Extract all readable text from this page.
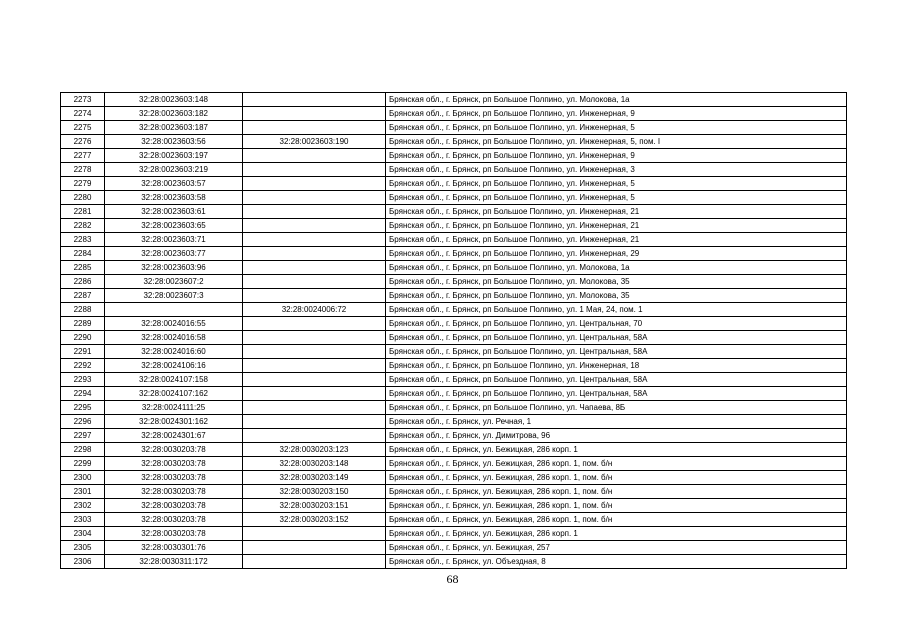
2273	32:28:0023603:148		Брянская обл., г. Брянск, рп Большое Полпино, ул. Молокова, 1а
2274	32:28:0023603:182		Брянская обл., г. Брянск, рп Большое Полпино, ул. Инженерная, 9
2275	32:28:0023603:187		Брянская обл., г. Брянск, рп Большое Полпино, ул. Инженерная, 5
2276	32:28:0023603:56	32:28:0023603:190	Брянская обл., г. Брянск, рп Большое Полпино, ул. Инженерная, 5, пом. I
2277	32:28:0023603:197		Брянская обл., г. Брянск, рп Большое Полпино, ул. Инженерная, 9
2278	32:28:0023603:219		Брянская обл., г. Брянск, рп Большое Полпино, ул. Инженерная, 3
2279	32:28:0023603:57		Брянская обл., г. Брянск, рп Большое Полпино, ул. Инженерная, 5
2280	32:28:0023603:58		Брянская обл., г. Брянск, рп Большое Полпино, ул. Инженерная, 5
2281	32:28:0023603:61		Брянская обл., г. Брянск, рп Большое Полпино, ул. Инженерная, 21
2282	32:28:0023603:65		Брянская обл., г. Брянск, рп Большое Полпино, ул. Инженерная, 21
2283	32:28:0023603:71		Брянская обл., г. Брянск, рп Большое Полпино, ул. Инженерная, 21
2284	32:28:0023603:77		Брянская обл., г. Брянск, рп Большое Полпино, ул. Инженерная, 29
2285	32:28:0023603:96		Брянская обл., г. Брянск, рп Большое Полпино, ул. Молокова, 1а
2286	32:28:0023607:2		Брянская обл., г. Брянск, рп Большое Полпино, ул. Молокова, 35
2287	32:28:0023607:3		Брянская обл., г. Брянск, рп Большое Полпино, ул. Молокова, 35
2288		32:28:0024006:72	Брянская обл., г. Брянск, рп Большое Полпино, ул. 1 Мая, 24, пом. 1
2289	32:28:0024016:55		Брянская обл., г. Брянск, рп Большое Полпино, ул. Центральная, 70
2290	32:28:0024016:58		Брянская обл., г. Брянск, рп Большое Полпино, ул. Центральная, 58А
2291	32:28:0024016:60		Брянская обл., г. Брянск, рп Большое Полпино, ул. Центральная, 58А
2292	32:28:0024106:16		Брянская обл., г. Брянск, рп Большое Полпино, ул. Инженерная, 18
2293	32:28:0024107:158		Брянская обл., г. Брянск, рп Большое Полпино, ул. Центральная, 58А
2294	32:28:0024107:162		Брянская обл., г. Брянск, рп Большое Полпино, ул. Центральная, 58А
2295	32:28:0024111:25		Брянская обл., г. Брянск, рп Большое Полпино, ул. Чапаева, 8Б
2296	32:28:0024301:162		Брянская обл., г. Брянск, ул. Речная, 1
2297	32:28:0024301:67		Брянская обл., г. Брянск, ул. Димитрова, 96
2298	32:28:0030203:78	32:28:0030203:123	Брянская обл., г. Брянск, ул. Бежицкая, 286 корп. 1
2299	32:28:0030203:78	32:28:0030203:148	Брянская обл., г. Брянск, ул. Бежицкая, 286 корп. 1, пом. б/н
2300	32:28:0030203:78	32:28:0030203:149	Брянская обл., г. Брянск, ул. Бежицкая, 286 корп. 1, пом. б/н
2301	32:28:0030203:78	32:28:0030203:150	Брянская обл., г. Брянск, ул. Бежицкая, 286 корп. 1, пом. б/н
2302	32:28:0030203:78	32:28:0030203:151	Брянская обл., г. Брянск, ул. Бежицкая, 286 корп. 1, пом. б/н
2303	32:28:0030203:78	32:28:0030203:152	Брянская обл., г. Брянск, ул. Бежицкая, 286 корп. 1, пом. б/н
2304	32:28:0030203:78		Брянская обл., г. Брянск, ул. Бежицкая, 286 корп. 1
2305	32:28:0030301:76		Брянская обл., г. Брянск, ул. Бежицкая, 257
2306	32:28:0030311:172		Брянская обл., г. Брянск, ул. Объездная, 8
68
